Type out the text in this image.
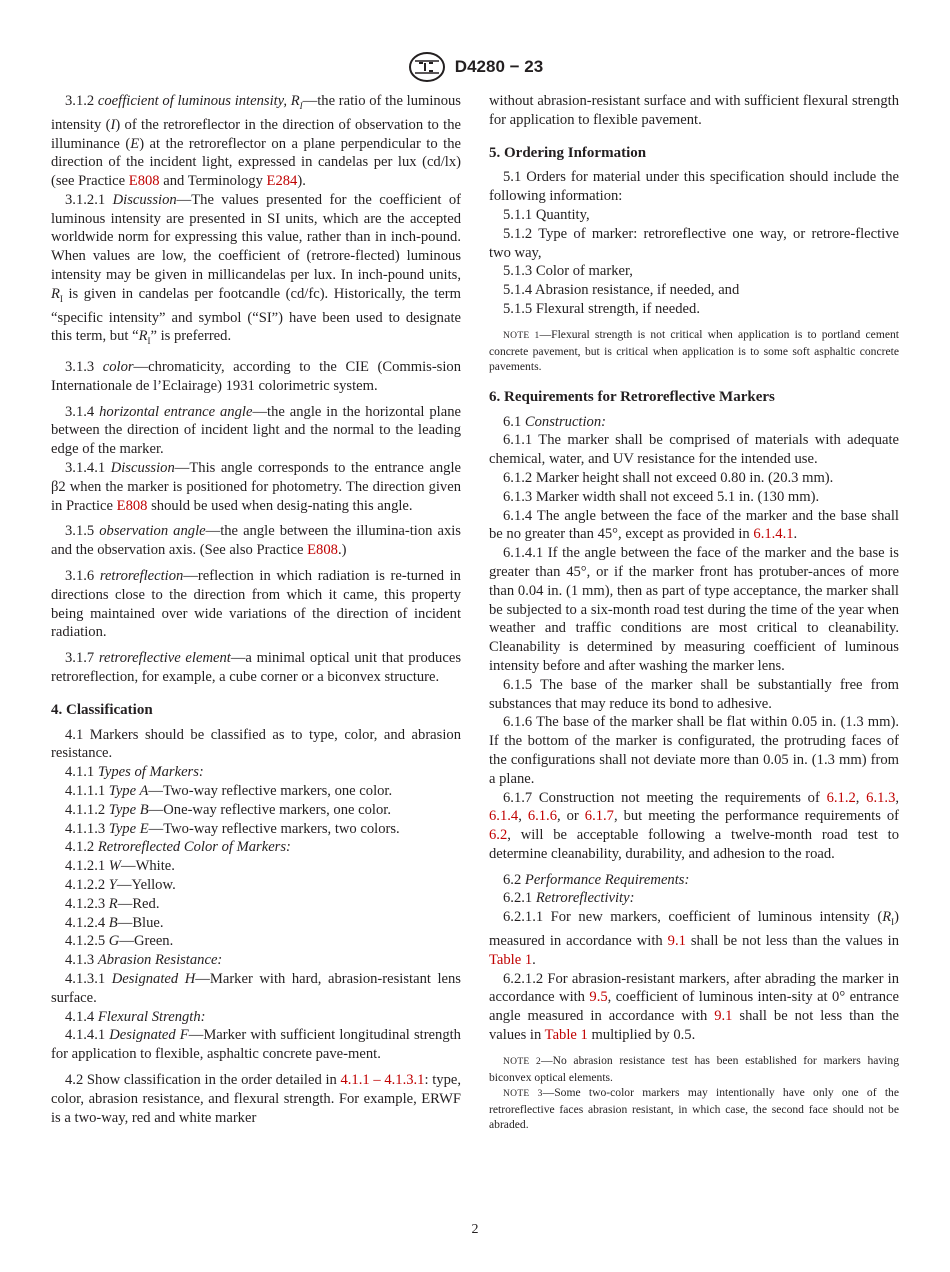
D4280 − 23

3.1.2 coefficient of luminous intensity, $R_I—the$ ratio of the luminous intensity (I) of the retroreflector in the direction of observation to the illuminance (E) at the retroreflector on a plane perpendicular to the direction of the incident light, expressed in candelas per lux (cd/lx) (see Practice E808 and Terminology E284).

3.1.2.1 Discussion—The values presented for the coefficient of luminous intensity are presented in SI units, which are the accepted worldwide norm for expressing this value, rather than in inch-pound. When values are low, the coefficient of (retrore-flected) luminous intensity may be given in millicandelas per lux. In inch-pound units, $R_I$ is given in candelas per footcandle (cd/fc). Historically, the term “specific intensity” and symbol (“SI”) have been used to designate this term, but “$R_I$” is preferred.

3.1.3 color—chromaticity, according to the CIE (Commis-sion Internationale de l’Eclairage) 1931 colorimetric system.

3.1.4 horizontal entrance angle—the angle in the horizontal plane between the direction of incident light and the normal to the leading edge of the marker.

3.1.4.1 Discussion—This angle corresponds to the entrance angle β2 when the marker is positioned for photometry. The direction given in Practice E808 should be used when desig-nating this angle.

3.1.5 observation angle—the angle between the illumina-tion axis and the observation axis. (See also Practice E808.)

3.1.6 retroreflection—reflection in which radiation is re-turned in directions close to the direction from which it came, this property being maintained over wide variations of the direction of incident radiation.

3.1.7 retroreflective element—a minimal optical unit that produces retroreflection, for example, a cube corner or a biconvex structure.

4. Classification

4.1 Markers should be classified as to type, color, and abrasion resistance.

4.1.1 Types of Markers:

4.1.1.1 Type A—Two-way reflective markers, one color.

4.1.1.2 Type B—One-way reflective markers, one color.

4.1.1.3 Type E—Two-way reflective markers, two colors.

4.1.2 Retroreflected Color of Markers:

4.1.2.1 W—White.

4.1.2.2 Y—Yellow.

4.1.2.3 R—Red.

4.1.2.4 B—Blue.

4.1.2.5 G—Green.

4.1.3 Abrasion Resistance:

4.1.3.1 Designated H—Marker with hard, abrasion-resistant lens surface.

4.1.4 Flexural Strength:

4.1.4.1 Designated F—Marker with sufficient longitudinal strength for application to flexible, asphaltic concrete pave-ment.

4.2 Show classification in the order detailed in 4.1.1 – 4.1.3.1: type, color, abrasion resistance, and flexural strength. For example, ERWF is a two-way, red and white marker

without abrasion-resistant surface and with sufficient flexural strength for application to flexible pavement.

5. Ordering Information

5.1 Orders for material under this specification should include the following information:

5.1.1 Quantity,

5.1.2 Type of marker: retroreflective one way, or retrore-flective two way,

5.1.3 Color of marker,

5.1.4 Abrasion resistance, if needed, and

5.1.5 Flexural strength, if needed.

NOTE 1—Flexural strength is not critical when application is to portland cement concrete pavement, but is critical when application is to some soft asphaltic concrete pavements.

6. Requirements for Retroreflective Markers

6.1 Construction:

6.1.1 The marker shall be comprised of materials with adequate chemical, water, and UV resistance for the intended use.

6.1.2 Marker height shall not exceed 0.80 in. (20.3 mm).

6.1.3 Marker width shall not exceed 5.1 in. (130 mm).

6.1.4 The angle between the face of the marker and the base shall be no greater than 45°, except as provided in 6.1.4.1.

6.1.4.1 If the angle between the face of the marker and the base is greater than 45°, or if the marker front has protuber-ances of more than 0.04 in. (1 mm), then as part of type acceptance, the marker shall be subjected to a six-month road test during the time of the year when weather and traffic conditions are most critical to cleanability. Cleanability is determined by measuring coefficient of luminous intensity before and after washing the marker lens.

6.1.5 The base of the marker shall be substantially free from substances that may reduce its bond to adhesive.

6.1.6 The base of the marker shall be flat within 0.05 in. (1.3 mm). If the bottom of the marker is configurated, the protruding faces of the configurations shall not deviate more than 0.05 in. (1.3 mm) from a plane.

6.1.7 Construction not meeting the requirements of 6.1.2, 6.1.3, 6.1.4, 6.1.6, or 6.1.7, but meeting the performance requirements of 6.2, will be acceptable following a twelve-month road test to determine cleanability, durability, and adhesion to the road.

6.2 Performance Requirements:

6.2.1 Retroreflectivity:

6.2.1.1 For new markers, coefficient of luminous intensity $(R_I)$ measured in accordance with 9.1 shall be not less than the values in Table 1.

6.2.1.2 For abrasion-resistant markers, after abrading the marker in accordance with 9.5, coefficient of luminous inten-sity at 0° entrance angle measured in accordance with 9.1 shall be not less than the values in Table 1 multiplied by 0.5.

NOTE 2—No abrasion resistance test has been established for markers having biconvex optical elements.

NOTE 3—Some two-color markers may intentionally have only one of the retroreflective faces abrasion resistant, in which case, the second face should not be abraded.

2
